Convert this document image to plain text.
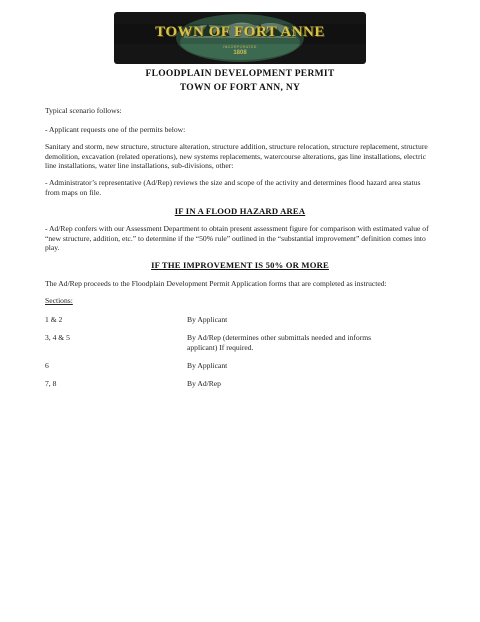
TOWN OF FORT ANNE
INCORPORATED
1808
FLOODPLAIN DEVELOPMENT PERMIT
TOWN OF FORT ANN, NY
Typical scenario follows:
- Applicant requests one of the permits below:
Sanitary and storm, new structure, structure alteration, structure addition, structure relocation, structure replacement, structure demolition, excavation (related operations), new systems replacements, watercourse alterations, gas line installations, electric line installations, water line installations, sub-divisions, other:
- Administrator’s representative (Ad/Rep) reviews the size and scope of the activity and determines flood hazard area status from maps on file.
IF IN A FLOOD HAZARD AREA
- Ad/Rep confers with our Assessment Department to obtain present assessment figure for comparison with estimated value of “new structure, addition, etc.” to determine if the “50% rule” outlined in the “substantial improvement” definition comes into play.
IF THE IMPROVEMENT IS 50% OR MORE
The Ad/Rep proceeds to the Floodplain Development Permit Application forms that are completed as instructed:
Sections:
1 & 2	By Applicant
3, 4 & 5	By Ad/Rep (determines other submittals needed and informs applicant) If required.
6	By Applicant
7, 8	By Ad/Rep
